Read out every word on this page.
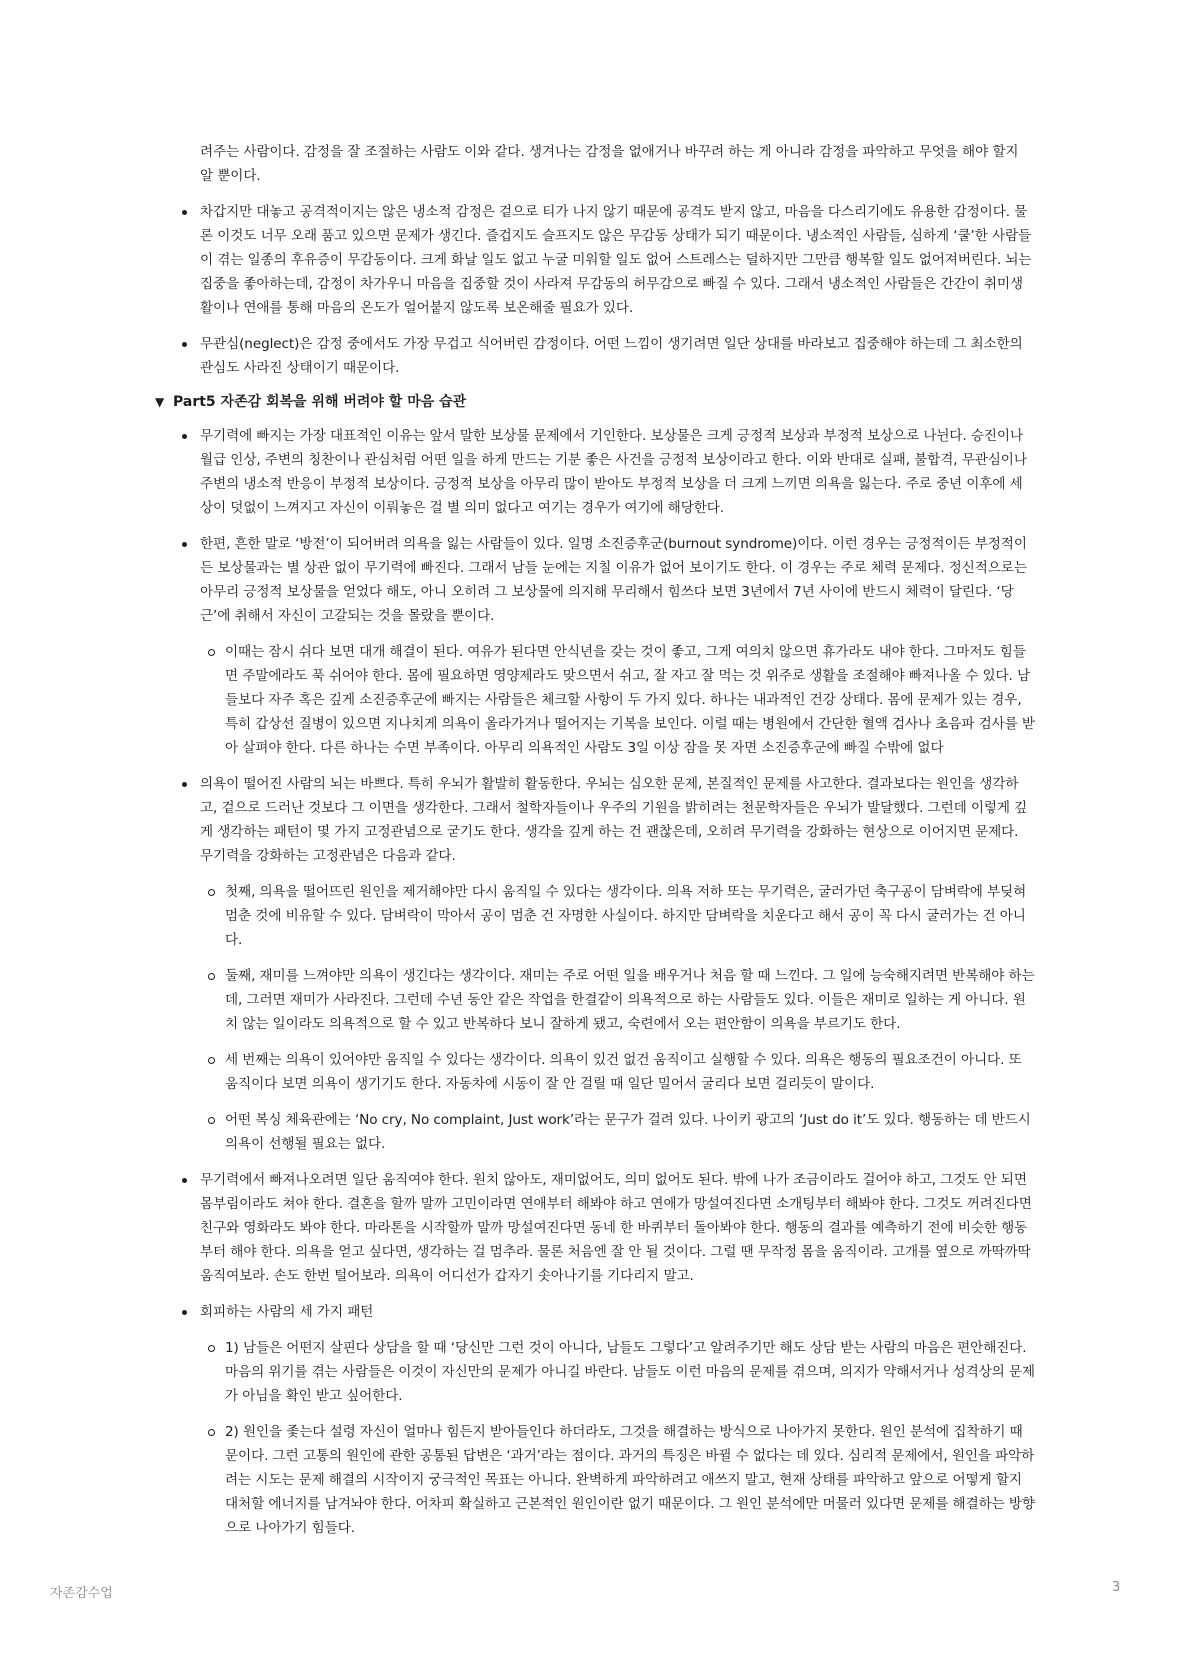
려주는 사람이다. 감정을 잘 조절하는 사람도 이와 같다. 생겨나는 감정을 없애거나 바꾸려 하는 게 아니라 감정을 파악하고 무엇을 해야 할지 알 뿐이다.

차갑지만 대놓고 공격적이지는 않은 냉소적 감정은 겉으로 티가 나지 않기 때문에 공격도 받지 않고, 마음을 다스리기에도 유용한 감정이다. 물론 이것도 너무 오래 품고 있으면 문제가 생긴다. 즐겁지도 슬프지도 않은 무감동 상태가 되기 때문이다. 냉소적인 사람들, 심하게 ‘쿨’한 사람들이 겪는 일종의 후유증이 무감동이다. 크게 화날 일도 없고 누굴 미워할 일도 없어 스트레스는 덜하지만 그만큼 행복할 일도 없어져버린다. 뇌는 집중을 좋아하는데, 감정이 차가우니 마음을 집중할 것이 사라져 무감동의 허무감으로 빠질 수 있다. 그래서 냉소적인 사람들은 간간이 취미생활이나 연애를 통해 마음의 온도가 얼어붙지 않도록 보온해줄 필요가 있다.

무관심(neglect)은 감정 중에서도 가장 무겁고 식어버린 감정이다. 어떤 느낌이 생기려면 일단 상대를 바라보고 집중해야 하는데 그 최소한의 관심도 사라진 상태이기 때문이다.

▼ Part5 자존감 회복을 위해 버려야 할 마음 습관

무기력에 빠지는 가장 대표적인 이유는 앞서 말한 보상물 문제에서 기인한다. 보상물은 크게 긍정적 보상과 부정적 보상으로 나뉜다. 승진이나 월급 인상, 주변의 칭찬이나 관심처럼 어떤 일을 하게 만드는 기분 좋은 사건을 긍정적 보상이라고 한다. 이와 반대로 실패, 불합격, 무관심이나 주변의 냉소적 반응이 부정적 보상이다. 긍정적 보상을 아무리 많이 받아도 부정적 보상을 더 크게 느끼면 의욕을 잃는다. 주로 중년 이후에 세상이 덧없이 느껴지고 자신이 이뤄놓은 걸 별 의미 없다고 여기는 경우가 여기에 해당한다.

한편, 흔한 말로 ‘방전’이 되어버려 의욕을 잃는 사람들이 있다. 일명 소진증후군(burnout syndrome)이다. 이런 경우는 긍정적이든 부정적이든 보상물과는 별 상관 없이 무기력에 빠진다. 그래서 남들 눈에는 지칠 이유가 없어 보이기도 한다. 이 경우는 주로 체력 문제다. 정신적으로는 아무리 긍정적 보상물을 얻었다 해도, 아니 오히려 그 보상물에 의지해 무리해서 힘쓰다 보면 3년에서 7년 사이에 반드시 체력이 달린다. ‘당근’에 취해서 자신이 고갈되는 것을 몰랐을 뿐이다.

이때는 잠시 쉬다 보면 대개 해결이 된다. 여유가 된다면 안식년을 갖는 것이 좋고, 그게 여의치 않으면 휴가라도 내야 한다. 그마저도 힘들면 주말에라도 푹 쉬어야 한다. 몸에 필요하면 영양제라도 맞으면서 쉬고, 잘 자고 잘 먹는 것 위주로 생활을 조절해야 빠져나올 수 있다. 남들보다 자주 혹은 깊게 소진증후군에 빠지는 사람들은 체크할 사항이 두 가지 있다. 하나는 내과적인 건강 상태다. 몸에 문제가 있는 경우, 특히 갑상선 질병이 있으면 지나치게 의욕이 올라가거나 떨어지는 기복을 보인다. 이럴 때는 병원에서 간단한 혈액 검사나 초음파 검사를 받아 살펴야 한다. 다른 하나는 수면 부족이다. 아무리 의욕적인 사람도 3일 이상 잠을 못 자면 소진증후군에 빠질 수밖에 없다

의욕이 떨어진 사람의 뇌는 바쁘다. 특히 우뇌가 활발히 활동한다. 우뇌는 심오한 문제, 본질적인 문제를 사고한다. 결과보다는 원인을 생각하고, 겉으로 드러난 것보다 그 이면을 생각한다. 그래서 철학자들이나 우주의 기원을 밝히려는 천문학자들은 우뇌가 발달했다. 그런데 이렇게 깊게 생각하는 패턴이 몇 가지 고정관념으로 굳기도 한다. 생각을 깊게 하는 건 괜찮은데, 오히려 무기력을 강화하는 현상으로 이어지면 문제다. 무기력을 강화하는 고정관념은 다음과 같다.

첫째, 의욕을 떨어뜨린 원인을 제거해야만 다시 움직일 수 있다는 생각이다. 의욕 저하 또는 무기력은, 굴러가던 축구공이 담벼락에 부딪혀 멈춘 것에 비유할 수 있다. 담벼락이 막아서 공이 멈춘 건 자명한 사실이다. 하지만 담벼락을 치운다고 해서 공이 꼭 다시 굴러가는 건 아니다.

둘째, 재미를 느껴야만 의욕이 생긴다는 생각이다. 재미는 주로 어떤 일을 배우거나 처음 할 때 느낀다. 그 일에 능숙해지려면 반복해야 하는데, 그러면 재미가 사라진다. 그런데 수년 동안 같은 작업을 한결같이 의욕적으로 하는 사람들도 있다. 이들은 재미로 일하는 게 아니다. 원치 않는 일이라도 의욕적으로 할 수 있고 반복하다 보니 잘하게 됐고, 숙련에서 오는 편안함이 의욕을 부르기도 한다.

세 번째는 의욕이 있어야만 움직일 수 있다는 생각이다. 의욕이 있건 없건 움직이고 실행할 수 있다. 의욕은 행동의 필요조건이 아니다. 또 움직이다 보면 의욕이 생기기도 한다. 자동차에 시동이 잘 안 걸릴 때 일단 밀어서 굴리다 보면 걸리듯이 말이다.

어떤 복싱 체육관에는 ‘No cry, No complaint, Just work’라는 문구가 걸려 있다. 나이키 광고의 ‘Just do it’도 있다. 행동하는 데 반드시 의욕이 선행될 필요는 없다.

무기력에서 빠져나오려면 일단 움직여야 한다. 원치 않아도, 재미없어도, 의미 없어도 된다. 밖에 나가 조금이라도 걸어야 하고, 그것도 안 되면 몸부림이라도 쳐야 한다. 결혼을 할까 말까 고민이라면 연애부터 해봐야 하고 연애가 망설여진다면 소개팅부터 해봐야 한다. 그것도 꺼려진다면 친구와 영화라도 봐야 한다. 마라톤을 시작할까 말까 망설여진다면 동네 한 바퀴부터 돌아봐야 한다. 행동의 결과를 예측하기 전에 비슷한 행동부터 해야 한다. 의욕을 얻고 싶다면, 생각하는 걸 멈추라. 물론 처음엔 잘 안 될 것이다. 그럴 땐 무작정 몸을 움직이라. 고개를 옆으로 까딱까딱 움직여보라. 손도 한번 털어보라. 의욕이 어디선가 갑자기 솟아나기를 기다리지 말고.

회피하는 사람의 세 가지 패턴

1) 남들은 어떤지 살핀다 상담을 할 때 ‘당신만 그런 것이 아니다, 남들도 그렇다’고 알려주기만 해도 상담 받는 사람의 마음은 편안해진다. 마음의 위기를 겪는 사람들은 이것이 자신만의 문제가 아니길 바란다. 남들도 이런 마음의 문제를 겪으며, 의지가 약해서거나 성격상의 문제가 아님을 확인 받고 싶어한다.

2) 원인을 좇는다 설령 자신이 얼마나 힘든지 받아들인다 하더라도, 그것을 해결하는 방식으로 나아가지 못한다. 원인 분석에 집착하기 때문이다. 그런 고통의 원인에 관한 공통된 답변은 ‘과거’라는 점이다. 과거의 특징은 바뀔 수 없다는 데 있다. 심리적 문제에서, 원인을 파악하려는 시도는 문제 해결의 시작이지 궁극적인 목표는 아니다. 완벽하게 파악하려고 애쓰지 말고, 현재 상태를 파악하고 앞으로 어떻게 할지 대처할 에너지를 남겨놔야 한다. 어차피 확실하고 근본적인 원인이란 없기 때문이다. 그 원인 분석에만 머물러 있다면 문제를 해결하는 방향으로 나아가기 힘들다.

자존감수업	3
